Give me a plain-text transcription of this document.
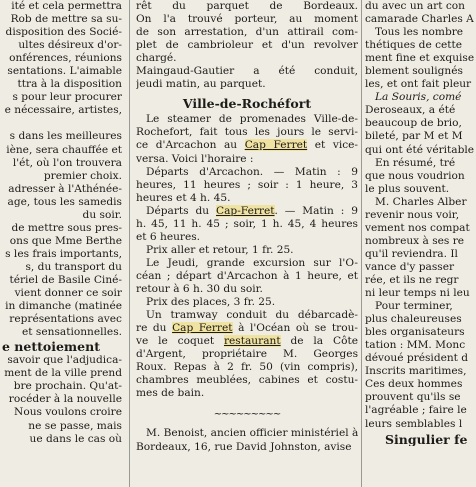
ité et cela permettra
Rob de mettre sa su-
disposition des Socié-
ultes désireux d'or-
onférences, réunions
sentations. L'aimable
ttra à la disposition
s pour leur procurer
e nécessaire, artistes,

s dans les meilleures
iène, sera chauffée et
l'ét, où l'on trouvera
premier choix.
adresser à l'Athénée-
age, tous les samedis
du soir.
de mettre sous pres-
ons que Mme Berthe
s les frais importants,
s, du transport du
tériel de Basile Ciné-
vient donner ce soir
in dimanche (matinée
représentations avec
et sensationnelles.
e nettoiement
savoir que l'adjudica-
ment de la ville prend
bre prochain. Qu'at-
rocéder à la nouvelle
Nous voulons croire
ne se passe, mais
ue dans le cas où
rêt du parquet de Bordeaux.
On l'a trouvé porteur, au moment
de son arrestation, d'un attirail com-
plet de cambrioleur et d'un revolver
chargé.
Maingaud-Gautier a été conduit,
jeudi matin, au parquet.
Ville-de-Rochéfort
Le steamer de promenades Ville-de-
Rochefort, fait tous les jours le servi-
ce d'Arcachon au Cap Ferret et vice-
versa. Voici l'horaire :
Départs d'Arcachon. — Matin : 9
heures, 11 heures ; soir : 1 heure, 3
heures et 4 h. 45.
Départs du Cap-Ferret. — Matin : 9
h. 45, 11 h. 45 ; soir, 1 h. 45, 4 heures
et 6 heures.
Prix aller et retour, 1 fr. 25.
Le Jeudi, grande excursion sur l'O-
céan ; départ d'Arcachon à 1 heure, et
retour à 6 h. 30 du soir.
Prix des places, 3 fr. 25.
Un tramway conduit du débarcadè-
re du Cap Ferret à l'Océan où se trou-
ve le coquet restaurant de la Côte
d'Argent, propriétaire M. Georges
Roux. Repas à 2 fr. 50 (vin compris),
chambres meublées, cabines et costu-
mes de bain.
~~~~~~~~~
M. Benoist, ancien officier ministériel à
Bordeaux, 16, rue David Johnston, avise
du avec un art con
camarade Charles A
Tous les nombre
thétiques de cette
ment fine et exquise
blement soulignés
les, et ont fait pleur
La Souris, comé
Deroseaux, a été
beaucoup de brio,
bileté, par M et M
qui ont été véritable
En résumé, tré
que nous voudrion
le plus souvent.
M. Charles Alber
revenir nous voir,
vement nos compat
nombreux à ses re
qu'il reviendra. Il
vance d'y passer
rée, et ils ne regr
ni leur temps ni leu
Pour terminer,
plus chaleureuses
bles organisateurs
tation : MM. Monc
dévoué président d
Inscrits maritimes,
Ces deux hommes
prouvent qu'ils se
l'agréable ; faire le
leurs semblables l
Singulier fe
